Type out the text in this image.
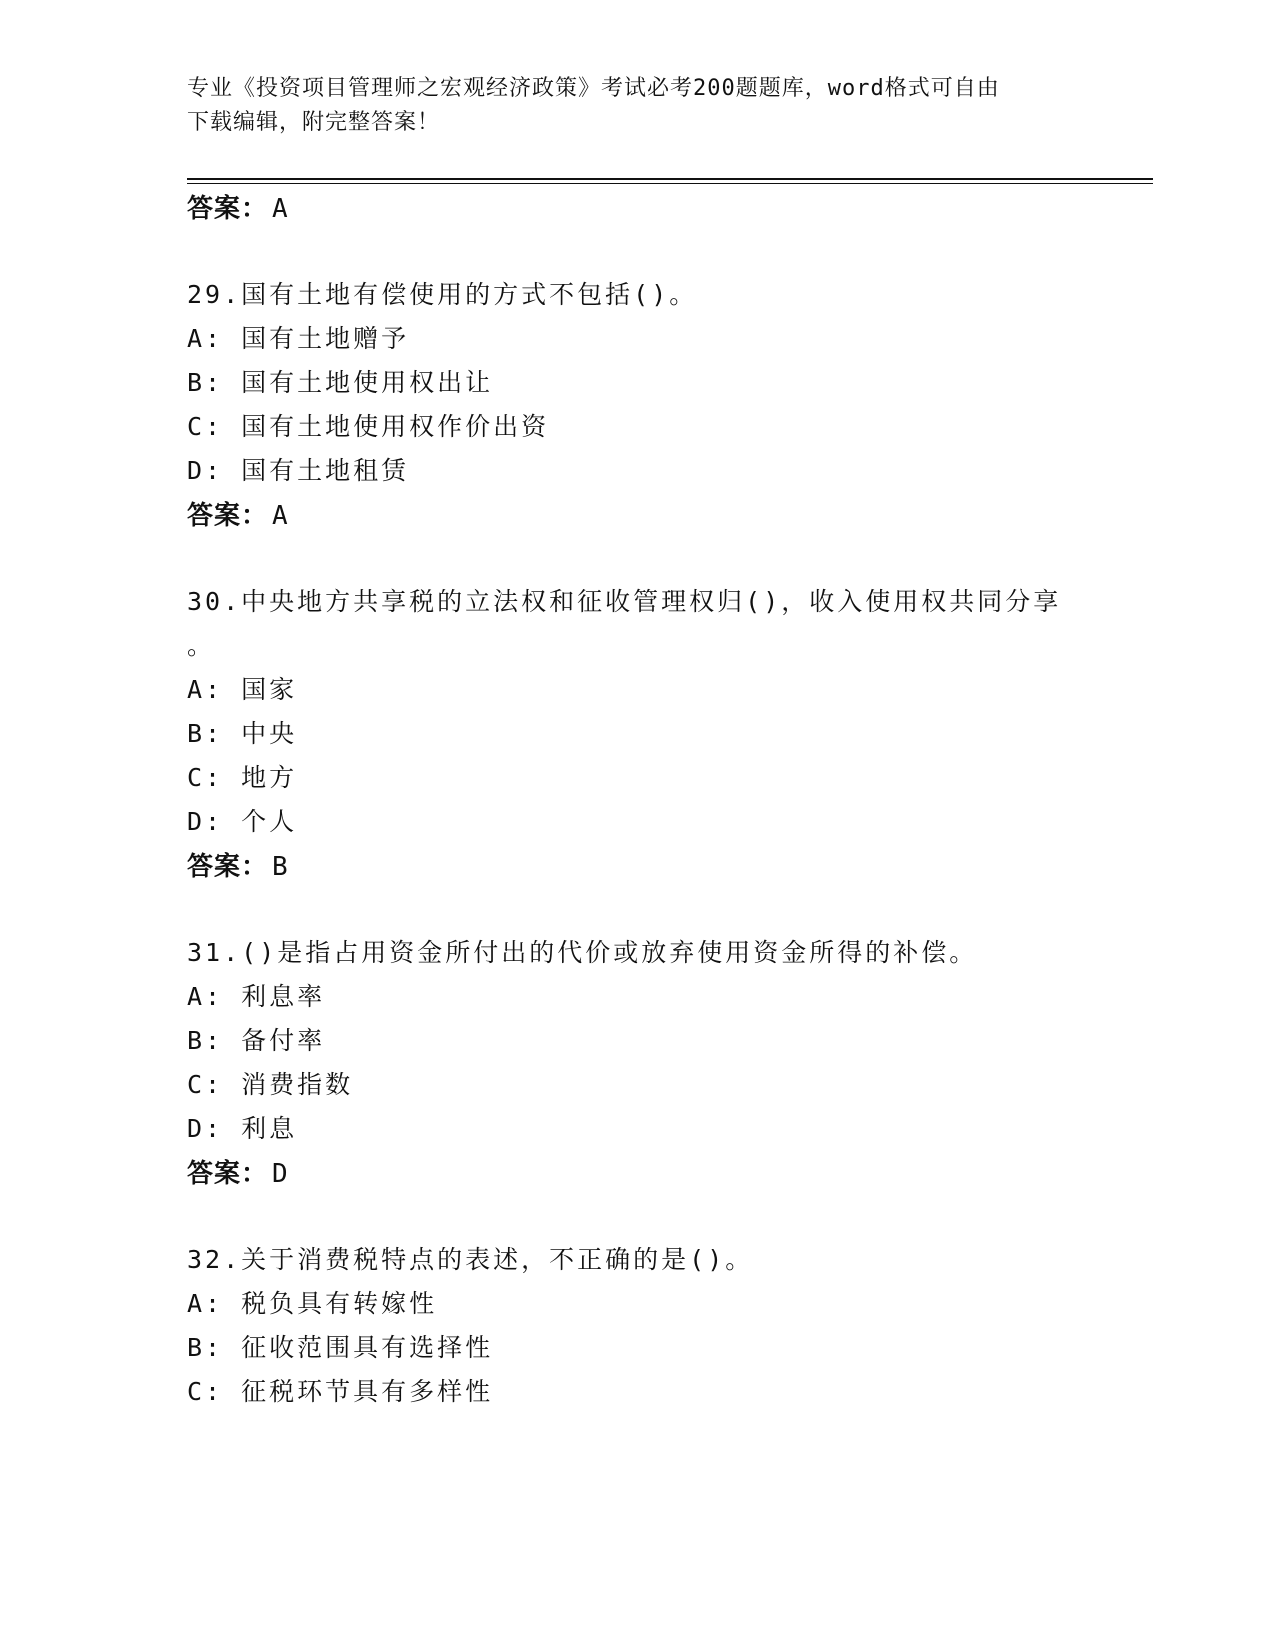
专业《投资项目管理师之宏观经济政策》考试必考200题题库，word格式可自由
下载编辑，附完整答案！
答案： A
29.国有土地有偿使用的方式不包括()。
A: 国有土地赠予
B: 国有土地使用权出让
C: 国有土地使用权作价出资
D: 国有土地租赁
答案： A
30.中央地方共享税的立法权和征收管理权归()，收入使用权共同分享
。
A: 国家
B: 中央
C: 地方
D: 个人
答案： B
31.()是指占用资金所付出的代价或放弃使用资金所得的补偿。
A: 利息率
B: 备付率
C: 消费指数
D: 利息
答案： D
32.关于消费税特点的表述，不正确的是()。
A: 税负具有转嫁性
B: 征收范围具有选择性
C: 征税环节具有多样性
